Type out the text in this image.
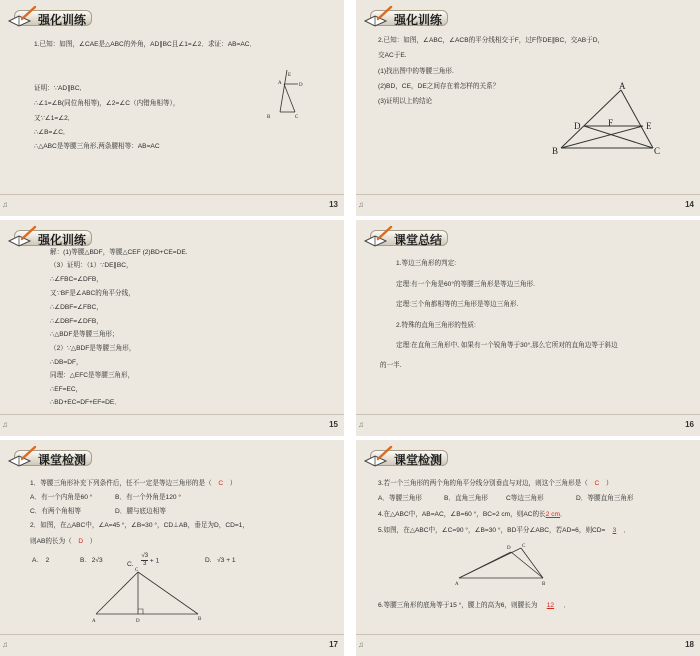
强化训练
1.已知：如图，∠CAE是△ABC的外角，AD∥BC且∠1=∠2．求证：AB=AC．
证明：∵AD∥BC,
∴∠1=∠B(同位角相等)，∠2=∠C（内错角相等），
又∵∠1=∠2,
∴∠B=∠C,
∴△ABC是等腰三角形,两条腰相等：AB=AC
E
A	D
B	C
♫	13
强化训练
2.已知：如图，∠ABC，∠ACB的平分线相交于F，过F作DE∥BC，交AB于D，
交AC于E.
(1)找出图中的等腰三角形.
(2)BD，CE，DE之间存在着怎样的关系？
(3)证明以上的结论
A
D	F	E
B	C
♫	14
强化训练
解：(1)等腰△BDF，等腰△CEF (2)BD+CE=DE.
（3）证明：（1）∵DE∥BC，
∴∠FBC=∠DFB，
又∵BF是∠ABC的角平分线，
∴∠DBF=∠FBC，
∴∠DBF=∠DFB，
∴△BDF是等腰三角形；
（2）∵△BDF是等腰三角形，
∴DB=DF，
同理：△EFC是等腰三角形，
∴EF=EC，
∴BD+EC=DF+EF=DE．
♫	15
课堂总结
1.等边三角形的判定:
定理:有一个角是60°的等腰三角形是等边三角形.
定理:三个角都相等的三角形是等边三角形.
2.特殊的直角三角形的性质:
定理:在直角三角形中, 如果有一个锐角等于30°,那么它所对的直角边等于斜边
的一半.
♫	16
课堂检测
1．等腰三角形补充下列条件后，任不一定是等边三角形的是（ C ）
A．有一个内角是60 °	B．有一个外角是120 °
C．有两个角相等	D．腰与底边相等
2．如图，在△ABC中，∠A=45 °，∠B=30 °，CD⊥AB，垂足为D，CD=1，
则AB的长为（ D ）
A. 2	B. 2√3
C. $\frac{√3}{3} + 1$	D. √3 + 1
C
A	D	B
♫	17
课堂检测
3.若一个三角形的两个角的角平分线分别垂直与对边，则这个三角形是（ C ）
A．等腰三角形	B．直角三角形	C等边三角形	D．等腰直角三角形
4.在△ABC中，AB=AC，∠B=60 °，BC=2 cm，则AC的长2 cm．
5.如图，在△ABC中，∠C=90 °，∠B=30 °，BD平分∠ABC，若AD=6，则CD= 3 ．
D C
A	B
6.等腰三角形的底角等于15 °，腰上的高为6，则腰长为 12 ．
♫	18
